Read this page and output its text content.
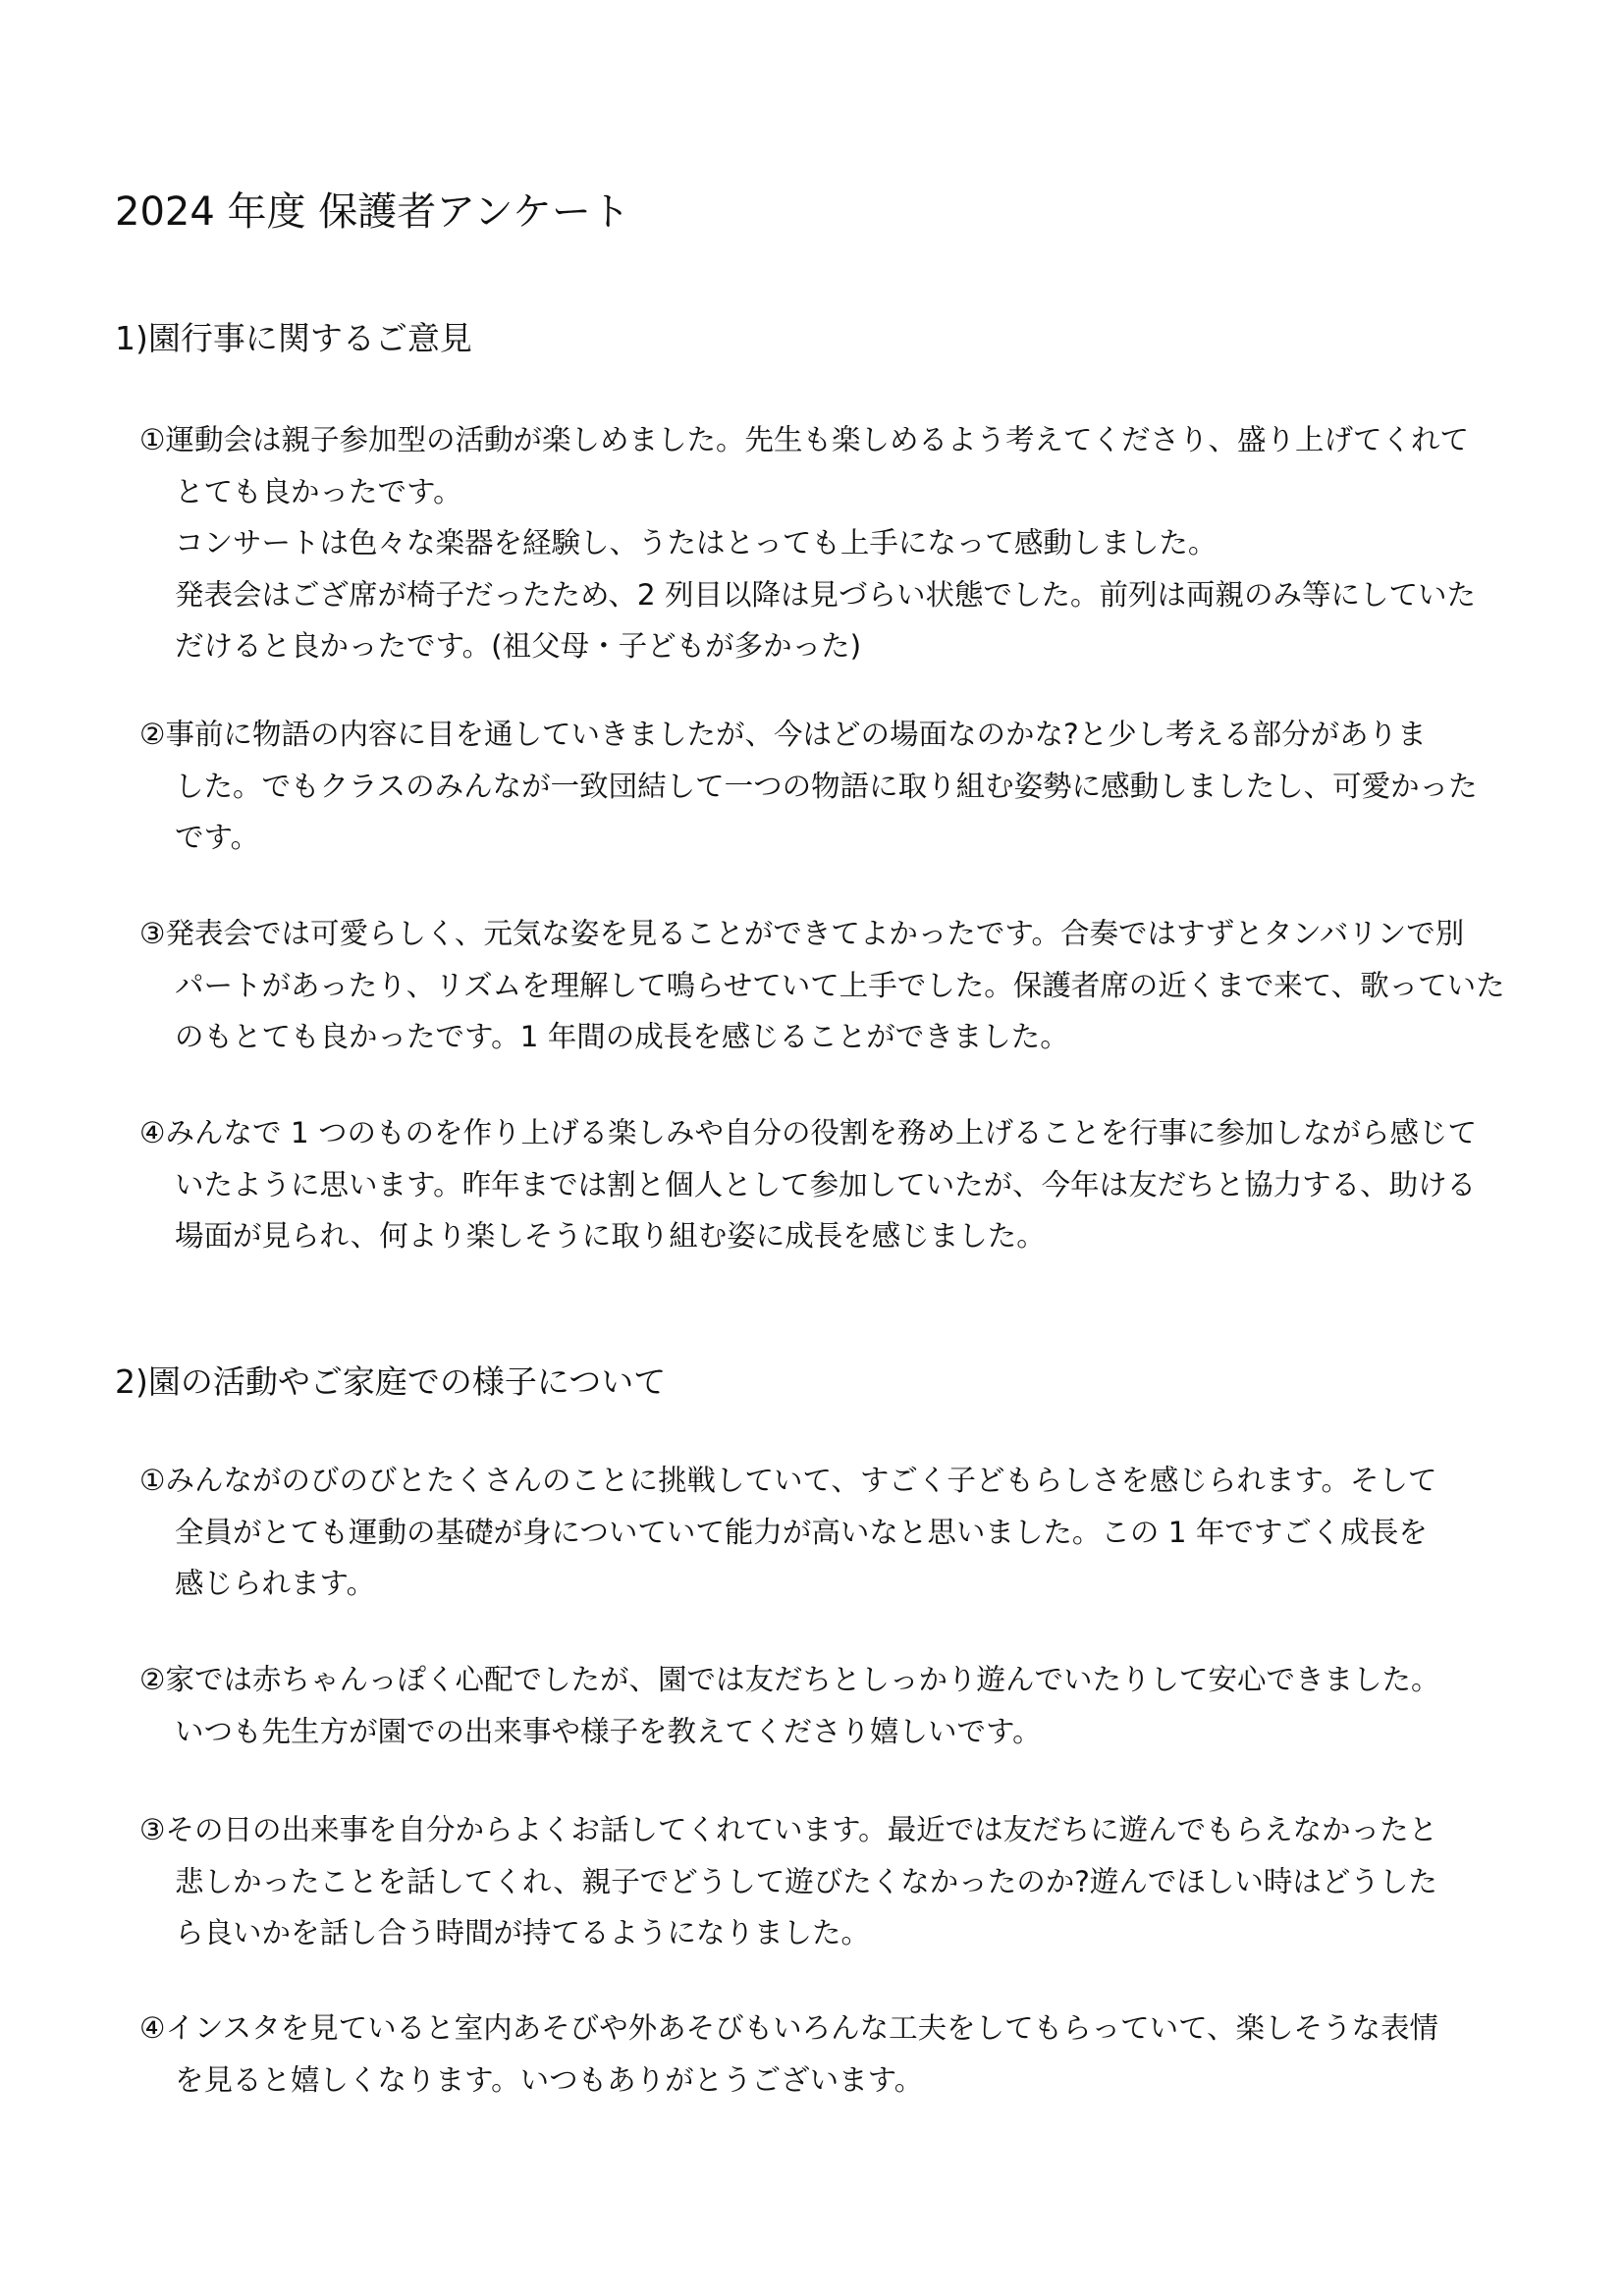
2024 年度 保護者アンケート
1)園行事に関するご意見
①運動会は親子参加型の活動が楽しめました。先生も楽しめるよう考えてくださり、盛り上げてくれて
とても良かったです。
コンサートは色々な楽器を経験し、うたはとっても上手になって感動しました。
発表会はござ席が椅子だったため、2 列目以降は見づらい状態でした。前列は両親のみ等にしていた
だけると良かったです。(祖父母・子どもが多かった)
②事前に物語の内容に目を通していきましたが、今はどの場面なのかな?と少し考える部分がありま
した。でもクラスのみんなが一致団結して一つの物語に取り組む姿勢に感動しましたし、可愛かった
です。
③発表会では可愛らしく、元気な姿を見ることができてよかったです。合奏ではすずとタンバリンで別
パートがあったり、リズムを理解して鳴らせていて上手でした。保護者席の近くまで来て、歌っていた
のもとても良かったです。1 年間の成長を感じることができました。
④みんなで 1 つのものを作り上げる楽しみや自分の役割を務め上げることを行事に参加しながら感じて
いたように思います。昨年までは割と個人として参加していたが、今年は友だちと協力する、助ける
場面が見られ、何より楽しそうに取り組む姿に成長を感じました。
2)園の活動やご家庭での様子について
①みんながのびのびとたくさんのことに挑戦していて、すごく子どもらしさを感じられます。そして
全員がとても運動の基礎が身についていて能力が高いなと思いました。この 1 年ですごく成長を
感じられます。
②家では赤ちゃんっぽく心配でしたが、園では友だちとしっかり遊んでいたりして安心できました。
いつも先生方が園での出来事や様子を教えてくださり嬉しいです。
③その日の出来事を自分からよくお話してくれています。最近では友だちに遊んでもらえなかったと
悲しかったことを話してくれ、親子でどうして遊びたくなかったのか?遊んでほしい時はどうした
ら良いかを話し合う時間が持てるようになりました。
④インスタを見ていると室内あそびや外あそびもいろんな工夫をしてもらっていて、楽しそうな表情
を見ると嬉しくなります。いつもありがとうございます。
